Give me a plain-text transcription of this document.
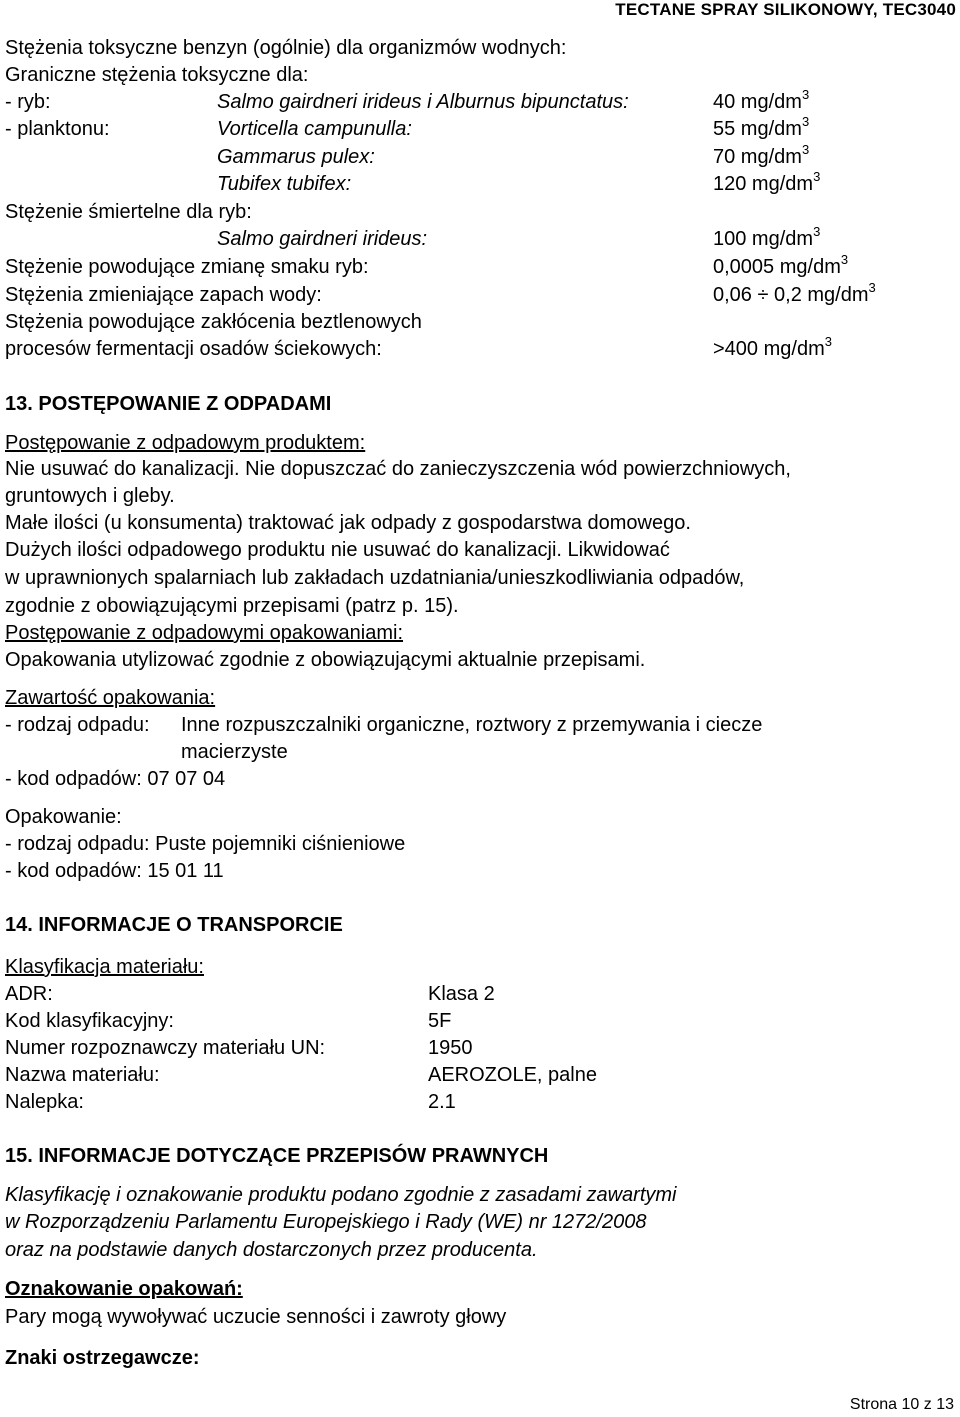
TECTANE SPRAY SILIKONOWY, TEC3040
Stężenia toksyczne benzyn (ogólnie) dla organizmów wodnych:
Graniczne stężenia toksyczne dla:
- ryb:	Salmo gairdneri irideus i Alburnus bipunctatus:	40 $mg/dm^3$
- planktonu:	Vorticella campunulla:	55 $mg/dm^3$
Gammarus pulex:	70 $mg/dm^3$
Tubifex tubifex:	120 $mg/dm^3$
Stężenie śmiertelne dla ryb:
Salmo gairdneri irideus:	100 $mg/dm^3$
Stężenie powodujące zmianę smaku ryb:	0,0005 $mg/dm^3$
Stężenia zmieniające zapach wody:	0,06 ÷ 0,2 $mg/dm^3$
Stężenia powodujące zakłócenia beztlenowych
procesów fermentacji osadów ściekowych:	>400 $mg/dm^3$
13. POSTĘPOWANIE Z ODPADAMI
Postępowanie z odpadowym produktem:
Nie usuwać do kanalizacji. Nie dopuszczać do zanieczyszczenia wód powierzchniowych,
gruntowych i gleby.
Małe ilości (u konsumenta) traktować jak odpady z gospodarstwa domowego.
Dużych ilości odpadowego produktu nie usuwać do kanalizacji. Likwidować
w uprawnionych spalarniach lub zakładach uzdatniania/unieszkodliwiania odpadów,
zgodnie z obowiązującymi przepisami (patrz p. 15).
Postępowanie z odpadowymi opakowaniami:
Opakowania utylizować zgodnie z obowiązującymi aktualnie przepisami.
Zawartość opakowania:
- rodzaj odpadu: Inne rozpuszczalniki organiczne, roztwory z przemywania i ciecze
macierzyste
- kod odpadów: 07 07 04
Opakowanie:
- rodzaj odpadu: Puste pojemniki ciśnieniowe
- kod odpadów: 15 01 11
14. INFORMACJE O TRANSPORCIE
Klasyfikacja materiału:
ADR:	Klasa 2
Kod klasyfikacyjny:	5F
Numer rozpoznawczy materiału UN:	1950
Nazwa materiału:	AEROZOLE, palne
Nalepka:	2.1
15. INFORMACJE DOTYCZĄCE PRZEPISÓW PRAWNYCH
Klasyfikację i oznakowanie produktu podano zgodnie z zasadami zawartymi
w Rozporządzeniu Parlamentu Europejskiego i Rady (WE) nr 1272/2008
oraz na podstawie danych dostarczonych przez producenta.
Oznakowanie opakowań:
Pary mogą wywoływać uczucie senności i zawroty głowy
Znaki ostrzegawcze:
Strona 10 z 13
